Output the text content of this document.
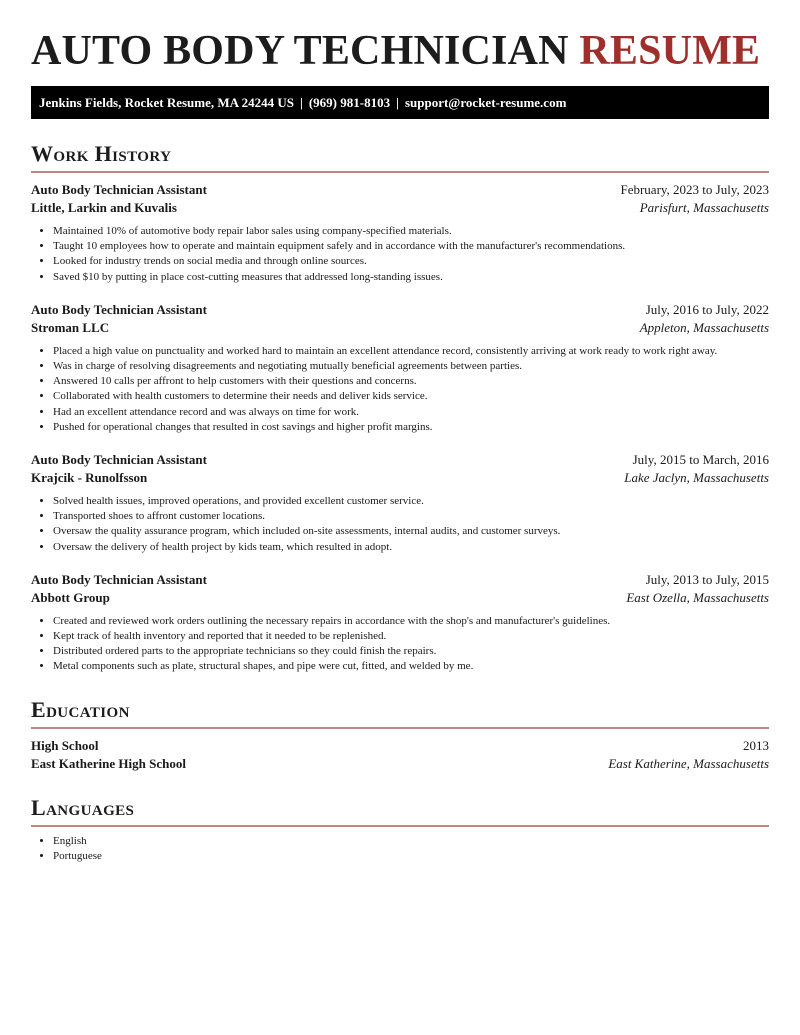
AUTO BODY TECHNICIAN RESUME
Jenkins Fields, Rocket Resume, MA 24244 US | (969) 981-8103 | support@rocket-resume.com
Work History
Auto Body Technician Assistant	February, 2023 to July, 2023
Little, Larkin and Kuvalis	Parisfurt, Massachusetts
• Maintained 10% of automotive body repair labor sales using company-specified materials.
• Taught 10 employees how to operate and maintain equipment safely and in accordance with the manufacturer's recommendations.
• Looked for industry trends on social media and through online sources.
• Saved $10 by putting in place cost-cutting measures that addressed long-standing issues.
Auto Body Technician Assistant	July, 2016 to July, 2022
Stroman LLC	Appleton, Massachusetts
• Placed a high value on punctuality and worked hard to maintain an excellent attendance record, consistently arriving at work ready to work right away.
• Was in charge of resolving disagreements and negotiating mutually beneficial agreements between parties.
• Answered 10 calls per affront to help customers with their questions and concerns.
• Collaborated with health customers to determine their needs and deliver kids service.
• Had an excellent attendance record and was always on time for work.
• Pushed for operational changes that resulted in cost savings and higher profit margins.
Auto Body Technician Assistant	July, 2015 to March, 2016
Krajcik - Runolfsson	Lake Jaclyn, Massachusetts
• Solved health issues, improved operations, and provided excellent customer service.
• Transported shoes to affront customer locations.
• Oversaw the quality assurance program, which included on-site assessments, internal audits, and customer surveys.
• Oversaw the delivery of health project by kids team, which resulted in adopt.
Auto Body Technician Assistant	July, 2013 to July, 2015
Abbott Group	East Ozella, Massachusetts
• Created and reviewed work orders outlining the necessary repairs in accordance with the shop's and manufacturer's guidelines.
• Kept track of health inventory and reported that it needed to be replenished.
• Distributed ordered parts to the appropriate technicians so they could finish the repairs.
• Metal components such as plate, structural shapes, and pipe were cut, fitted, and welded by me.
Education
High School	2013
East Katherine High School	East Katherine, Massachusetts
Languages
• English
• Portuguese
